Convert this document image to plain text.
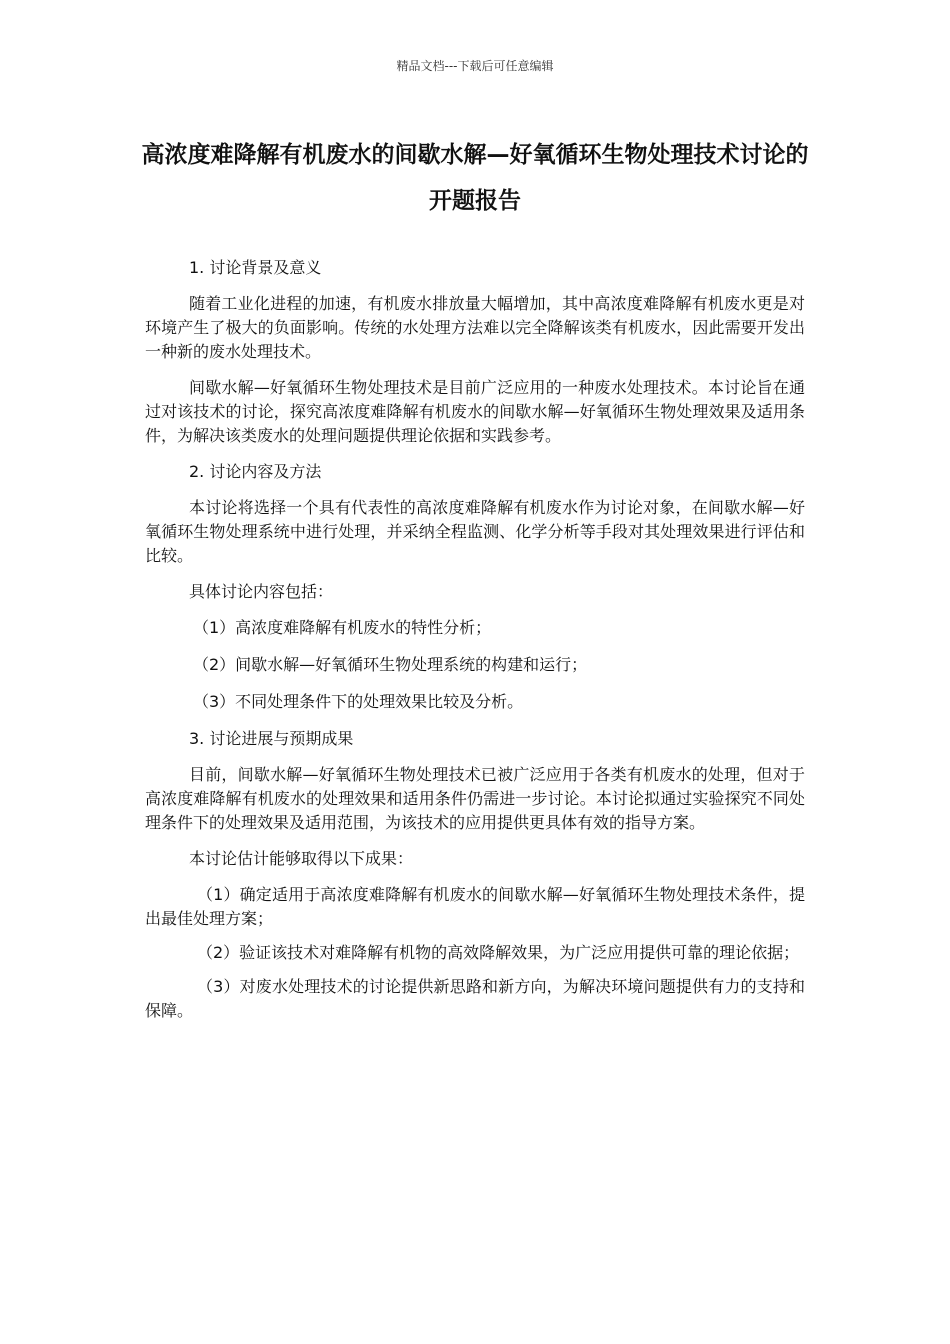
精品文档---下载后可任意编辑
高浓度难降解有机废水的间歇水解—好氧循环生物处理技术讨论的开题报告
1. 讨论背景及意义

随着工业化进程的加速，有机废水排放量大幅增加，其中高浓度难降解有机废水更是对环境产生了极大的负面影响。传统的水处理方法难以完全降解该类有机废水，因此需要开发出一种新的废水处理技术。

间歇水解—好氧循环生物处理技术是目前广泛应用的一种废水处理技术。本讨论旨在通过对该技术的讨论，探究高浓度难降解有机废水的间歇水解—好氧循环生物处理效果及适用条件，为解决该类废水的处理问题提供理论依据和实践参考。

2. 讨论内容及方法

本讨论将选择一个具有代表性的高浓度难降解有机废水作为讨论对象，在间歇水解—好氧循环生物处理系统中进行处理，并采纳全程监测、化学分析等手段对其处理效果进行评估和比较。

具体讨论内容包括：

（1）高浓度难降解有机废水的特性分析；
（2）间歇水解—好氧循环生物处理系统的构建和运行；
（3）不同处理条件下的处理效果比较及分析。
3. 讨论进展与预期成果

目前，间歇水解—好氧循环生物处理技术已被广泛应用于各类有机废水的处理，但对于高浓度难降解有机废水的处理效果和适用条件仍需进一步讨论。本讨论拟通过实验探究不同处理条件下的处理效果及适用范围，为该技术的应用提供更具体有效的指导方案。

本讨论估计能够取得以下成果：

（1）确定适用于高浓度难降解有机废水的间歇水解—好氧循环生物处理技术条件，提出最佳处理方案；

（2）验证该技术对难降解有机物的高效降解效果，为广泛应用提供可靠的理论依据；

（3）对废水处理技术的讨论提供新思路和新方向，为解决环境问题提供有力的支持和保障。
